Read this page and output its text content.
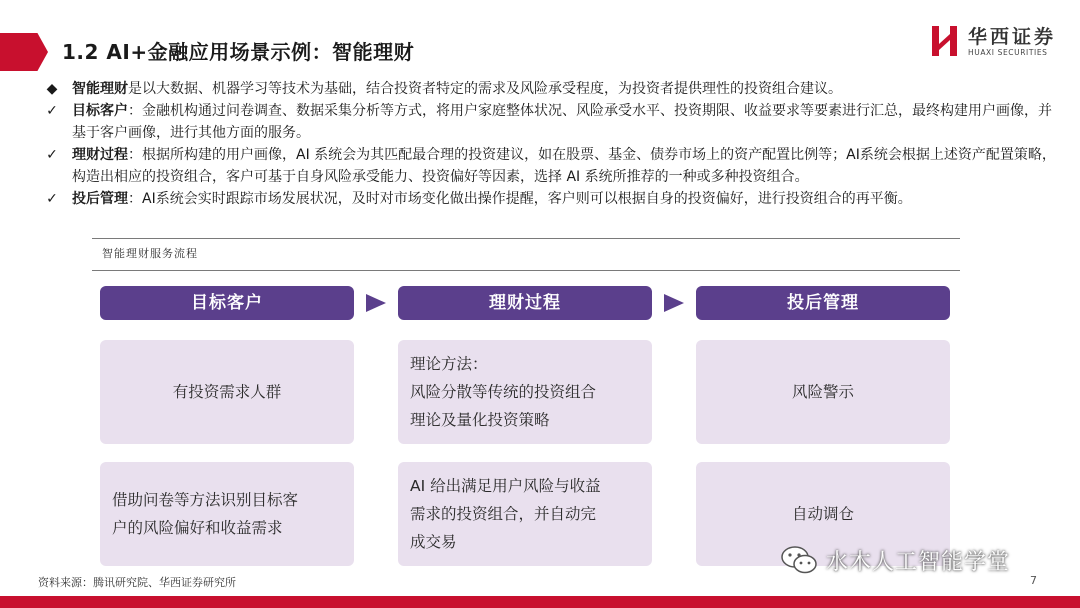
1.2 AI+金融应用场景示例：智能理财
华西证券
HUAXI SECURITIES
◆	智能理财是以大数据、机器学习等技术为基础，结合投资者特定的需求及风险承受程度，为投资者提供理性的投资组合建议。
✓ 目标客户：金融机构通过问卷调查、数据采集分析等方式，将用户家庭整体状况、风险承受水平、投资期限、收益要求等要素进行汇总，最终构建用户画像，并基于客户画像，进行其他方面的服务。
✓ 理财过程：根据所构建的用户画像，AI 系统会为其匹配最合理的投资建议，如在股票、基金、债券市场上的资产配置比例等；AI系统会根据上述资产配置策略，构造出相应的投资组合，客户可基于自身风险承受能力、投资偏好等因素，选择 AI 系统所推荐的一种或多种投资组合。
✓ 投后管理：AI系统会实时跟踪市场发展状况，及时对市场变化做出操作提醒，客户则可以根据自身的投资偏好，进行投资组合的再平衡。
智能理财服务流程
目标客户	理财过程	投后管理
有投资需求人群
理论方法：
风险分散等传统的投资组合
理论及量化投资策略
风险警示
借助问卷等方法识别目标客
户的风险偏好和收益需求
AI 给出满足用户风险与收益
需求的投资组合，并自动完
成交易
自动调仓
资料来源：腾讯研究院、华西证券研究所
水木人工智能学堂
7
